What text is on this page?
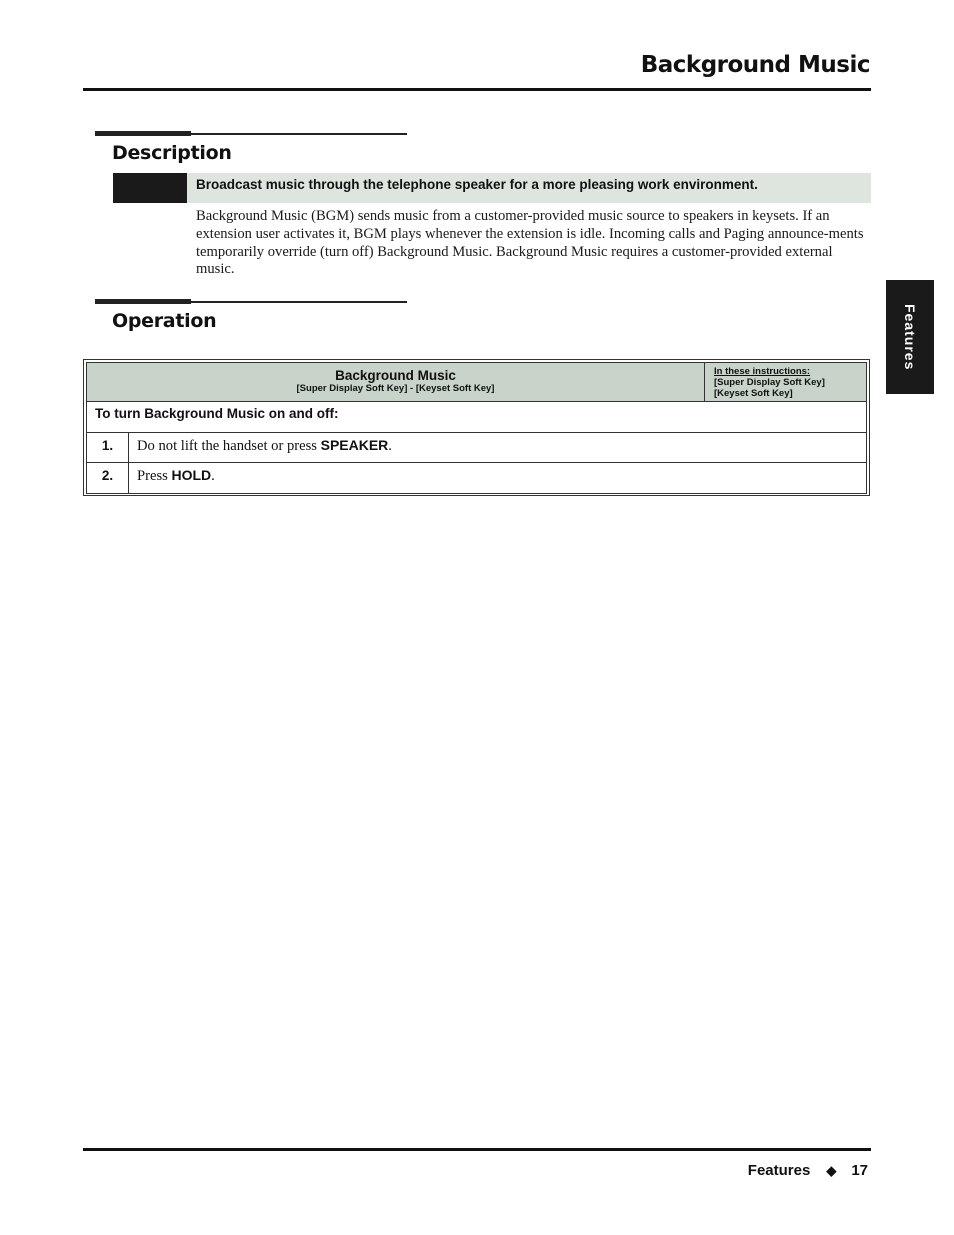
Background Music
Description
Broadcast music through the telephone speaker for a more pleasing work environment.

Background Music (BGM) sends music from a customer-provided music source to speakers in keysets. If an extension user activates it, BGM plays whenever the extension is idle. Incoming calls and Paging announce-ments temporarily override (turn off) Background Music. Background Music requires a customer-provided external music.

Features
Operation
Background Music
[Super Display Soft Key] - [Keyset Soft Key]
In these instructions:
[Super Display Soft Key]
[Keyset Soft Key]
To turn Background Music on and off:
1.	Do not lift the handset or press SPEAKER.
2.	Press HOLD.
Features ◆ 17
